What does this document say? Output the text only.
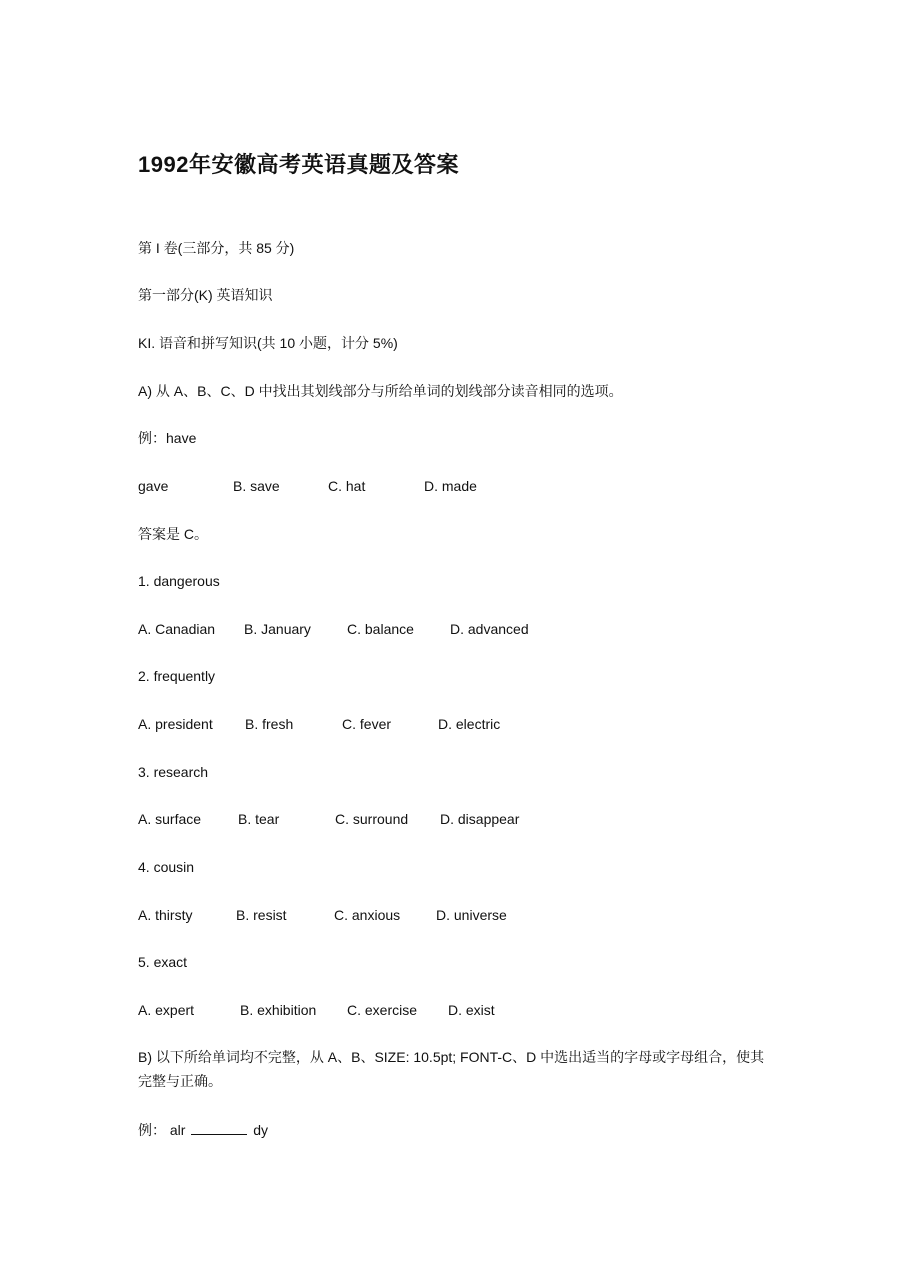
1992年安徽高考英语真题及答案
第 I 卷(三部分，共 85 分)
第一部分(K) 英语知识
KI. 语音和拼写知识(共 10 小题，计分 5%)
A) 从 A、B、C、D 中找出其划线部分与所给单词的划线部分读音相同的选项。
例：have
gave	B. save	C. hat	D. made
答案是 C。
1. dangerous
A. Canadian B. January	C. balance	D. advanced
2. frequently
A. president B. fresh	C. fever	D. electric
3. research
A. surface	B. tear	C. surround D. disappear
4. cousin
A. thirsty	B. resist	C. anxious	D. universe
5. exact
A. expert	B. exhibition C. exercise D. exist
B) 以下所给单词均不完整，从 A、B、SIZE: 10.5pt; FONT-C、D 中选出适当的字母或字母组合，使其完整与正确。
例： alr	dy
